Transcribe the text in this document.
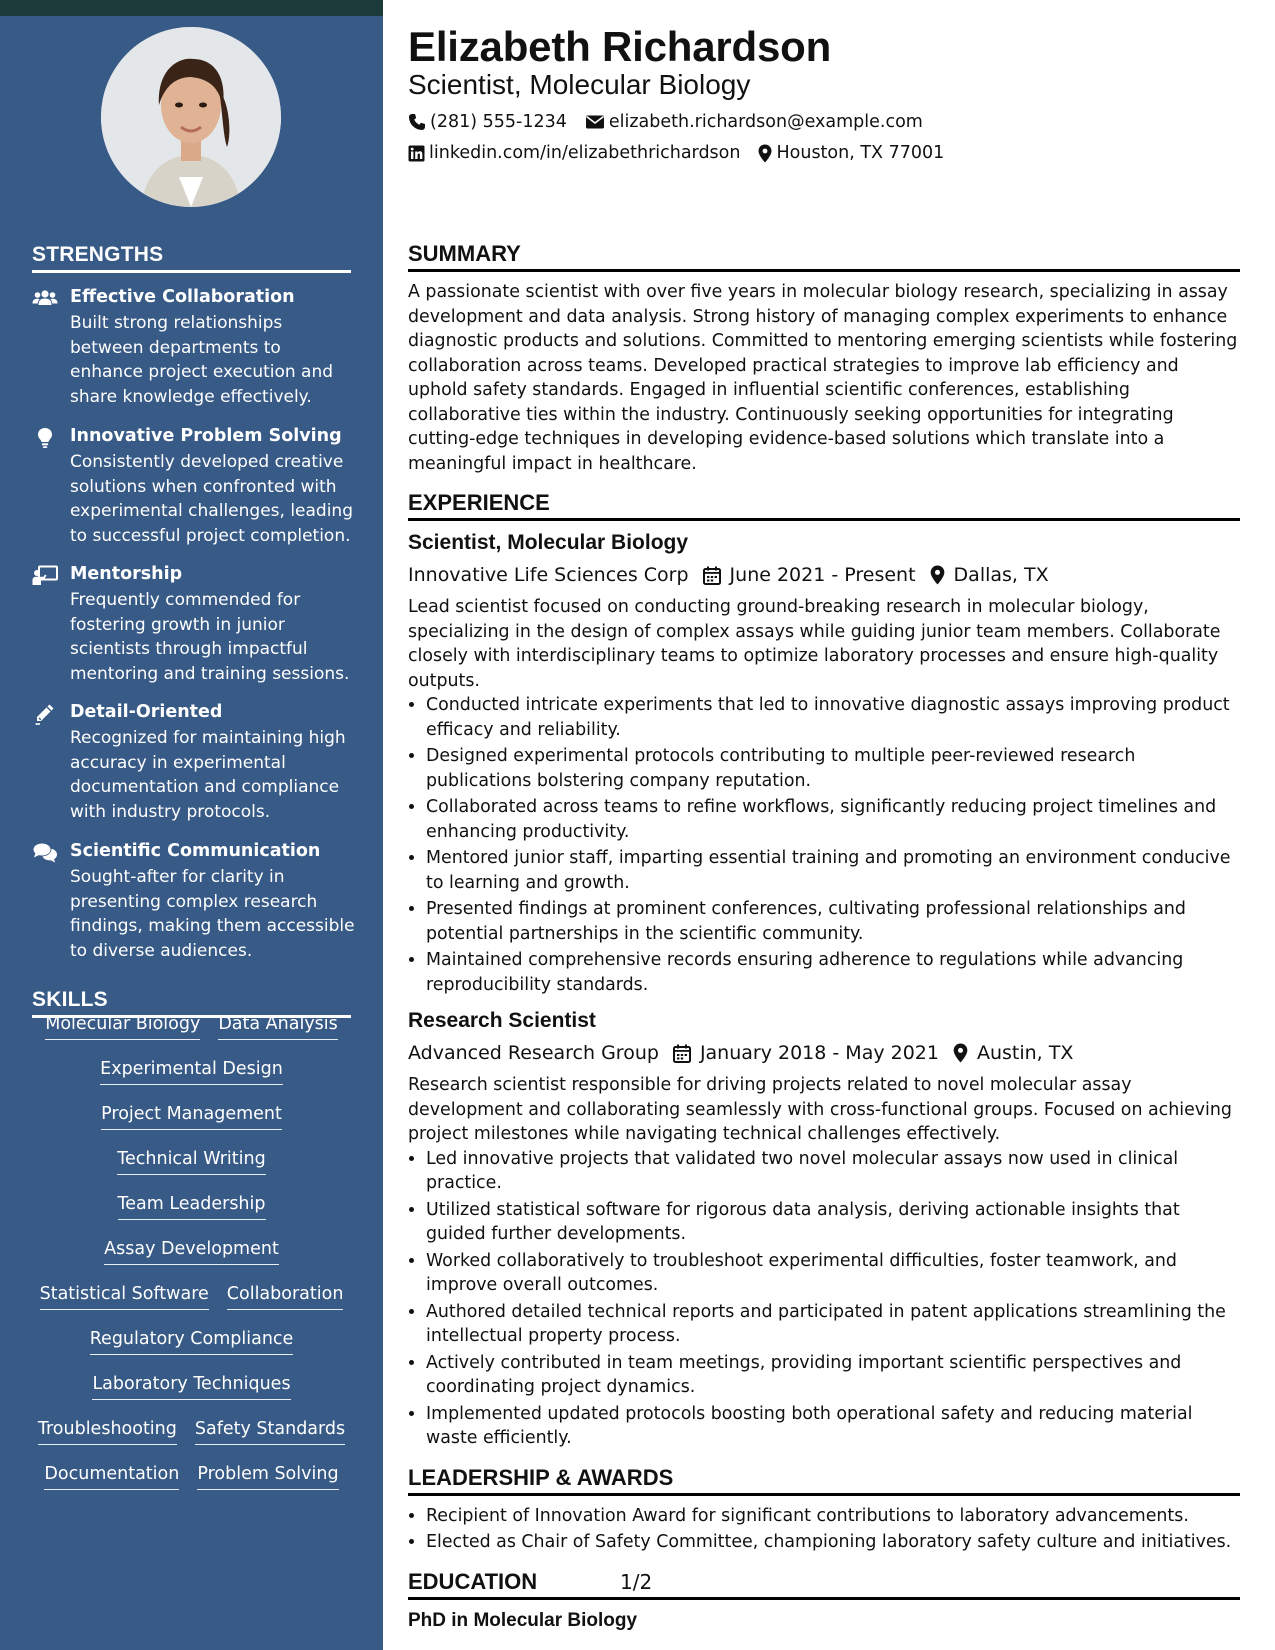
STRENGTHS
Effective Collaboration
Built strong relationships between departments to enhance project execution and share knowledge effectively.
Innovative Problem Solving
Consistently developed creative solutions when confronted with experimental challenges, leading to successful project completion.
Mentorship
Frequently commended for fostering growth in junior scientists through impactful mentoring and training sessions.
Detail-Oriented
Recognized for maintaining high accuracy in experimental documentation and compliance with industry protocols.
Scientific Communication
Sought-after for clarity in presenting complex research findings, making them accessible to diverse audiences.
SKILLS
Molecular Biology Data Analysis
Experimental Design
Project Management
Technical Writing
Team Leadership
Assay Development
Statistical Software Collaboration
Regulatory Compliance
Laboratory Techniques
Troubleshooting Safety Standards
Documentation Problem Solving
Elizabeth Richardson
Scientist, Molecular Biology
(281) 555-1234 elizabeth.richardson@example.com
linkedin.com/in/elizabethrichardson Houston, TX 77001
SUMMARY
A passionate scientist with over five years in molecular biology research, specializing in assay development and data analysis. Strong history of managing complex experiments to enhance diagnostic products and solutions. Committed to mentoring emerging scientists while fostering collaboration across teams. Developed practical strategies to improve lab efficiency and uphold safety standards. Engaged in influential scientific conferences, establishing collaborative ties within the industry. Continuously seeking opportunities for integrating cutting-edge techniques in developing evidence-based solutions which translate into a meaningful impact in healthcare.
EXPERIENCE
Scientist, Molecular Biology
Innovative Life Sciences Corp June 2021 - Present Dallas, TX
Lead scientist focused on conducting ground-breaking research in molecular biology, specializing in the design of complex assays while guiding junior team members. Collaborate closely with interdisciplinary teams to optimize laboratory processes and ensure high-quality outputs.
• Conducted intricate experiments that led to innovative diagnostic assays improving product efficacy and reliability.
• Designed experimental protocols contributing to multiple peer-reviewed research publications bolstering company reputation.
• Collaborated across teams to refine workflows, significantly reducing project timelines and enhancing productivity.
• Mentored junior staff, imparting essential training and promoting an environment conducive to learning and growth.
• Presented findings at prominent conferences, cultivating professional relationships and potential partnerships in the scientific community.
• Maintained comprehensive records ensuring adherence to regulations while advancing reproducibility standards.
Research Scientist
Advanced Research Group January 2018 - May 2021 Austin, TX
Research scientist responsible for driving projects related to novel molecular assay development and collaborating seamlessly with cross-functional groups. Focused on achieving project milestones while navigating technical challenges effectively.
• Led innovative projects that validated two novel molecular assays now used in clinical practice.
• Utilized statistical software for rigorous data analysis, deriving actionable insights that guided further developments.
• Worked collaboratively to troubleshoot experimental difficulties, foster teamwork, and improve overall outcomes.
• Authored detailed technical reports and participated in patent applications streamlining the intellectual property process.
• Actively contributed in team meetings, providing important scientific perspectives and coordinating project dynamics.
• Implemented updated protocols boosting both operational safety and reducing material waste efficiently.
LEADERSHIP & AWARDS
• Recipient of Innovation Award for significant contributions to laboratory advancements.
• Elected as Chair of Safety Committee, championing laboratory safety culture and initiatives.
EDUCATION
PhD in Molecular Biology
1/2
